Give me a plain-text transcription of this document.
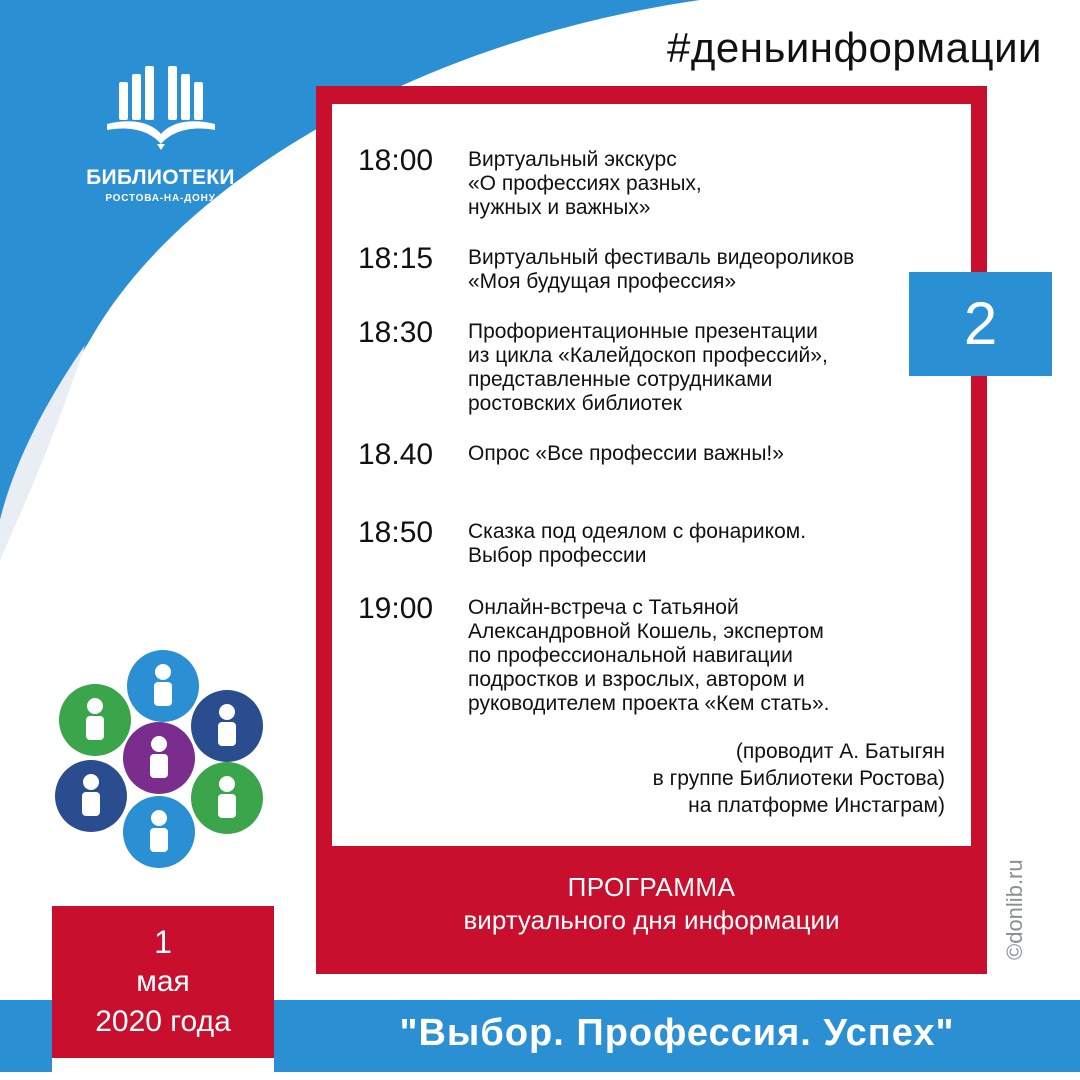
#деньинформации
БИБЛИОТЕКИ
РОСТОВА-НА-ДОНУ
18:00 Виртуальный экскурс
«О профессиях разных,
нужных и важных»
18:15 Виртуальный фестиваль видеороликов
«Моя будущая профессия»
18:30 Профориентационные презентации
из цикла «Калейдоскоп профессий»,
представленные сотрудниками
ростовских библиотек
18.40 Опрос «Все профессии важны!»
18:50 Сказка под одеялом с фонариком.
Выбор профессии
19:00 Онлайн-встреча с Татьяной
Александровной Кошель, экспертом
по профессиональной навигации
подростков и взрослых, автором и
руководителем проекта «Кем стать».
(проводит А. Батыгян
в группе Библиотеки Ростова)
на платформе Инстаграм)
ПРОГРАММА
виртуального дня информации
2
1
мая
2020 года	"Выбор. Профессия. Успех"
©donlib.ru
